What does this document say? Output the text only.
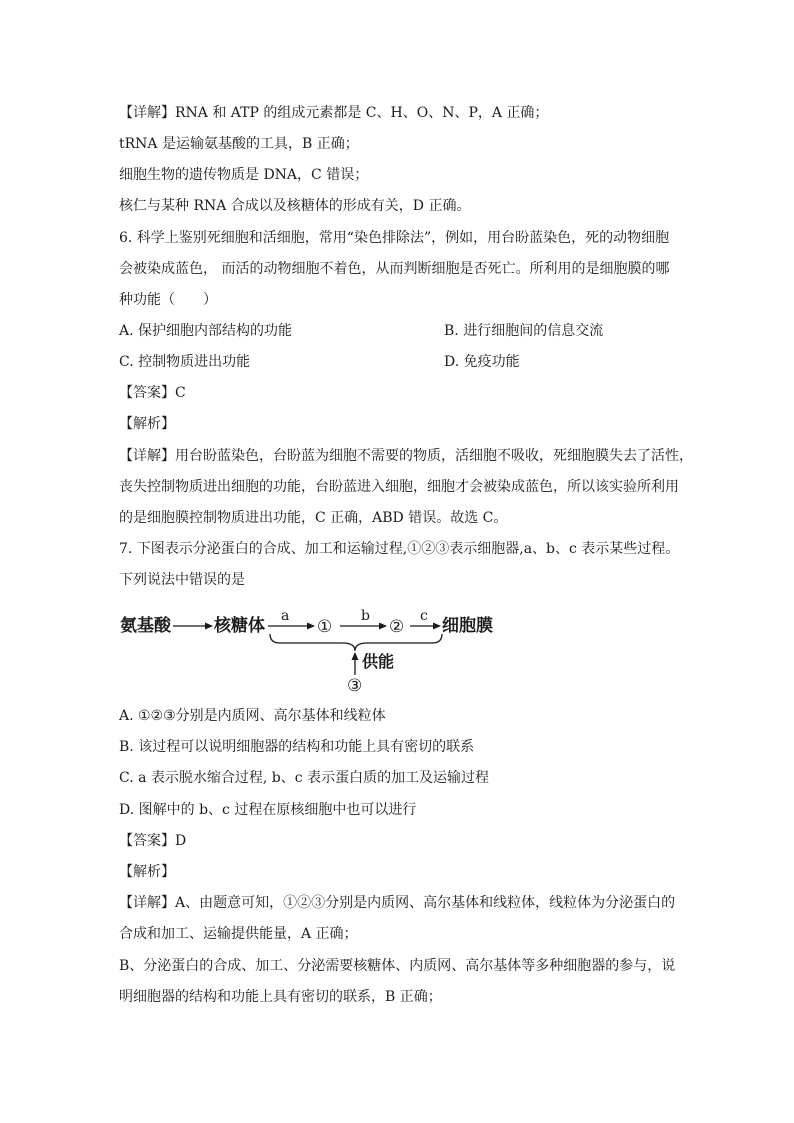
【详解】RNA 和 ATP 的组成元素都是 C、H、O、N、P，A 正确；
tRNA 是运输氨基酸的工具，B 正确；
细胞生物的遗传物质是 DNA，C 错误；
核仁与某种 RNA 合成以及核糖体的形成有关，D 正确。
6. 科学上鉴别死细胞和活细胞，常用“染色排除法”，例如，用台盼蓝染色，死的动物细胞
会被染成蓝色， 而活的动物细胞不着色，从而判断细胞是否死亡。所利用的是细胞膜的哪
种功能（　　）
A. 保护细胞内部结构的功能	B. 进行细胞间的信息交流
C. 控制物质进出功能	D. 免疫功能
【答案】C
【解析】
【详解】用台盼蓝染色，台盼蓝为细胞不需要的物质，活细胞不吸收，死细胞膜失去了活性，
丧失控制物质进出细胞的功能，台盼蓝进入细胞，细胞才会被染成蓝色，所以该实验所利用
的是细胞膜控制物质进出功能，C 正确，ABD 错误。故选 C。
7. 下图表示分泌蛋白的合成、加工和运输过程,①②③表示细胞器,a、b、c 表示某些过程。
下列说法中错误的是
氨基酸	核糖体 a
①
b
②
c 细胞膜
供能
③
A. ①②③分别是内质网、高尔基体和线粒体
B. 该过程可以说明细胞器的结构和功能上具有密切的联系
C. a 表示脱水缩合过程, b、c 表示蛋白质的加工及运输过程
D. 图解中的 b、c 过程在原核细胞中也可以进行
【答案】D
【解析】
【详解】A、由题意可知，①②③分别是内质网、高尔基体和线粒体，线粒体为分泌蛋白的
合成和加工、运输提供能量，A 正确；
B、分泌蛋白的合成、加工、分泌需要核糖体、内质网、高尔基体等多种细胞器的参与，说
明细胞器的结构和功能上具有密切的联系，B 正确；
